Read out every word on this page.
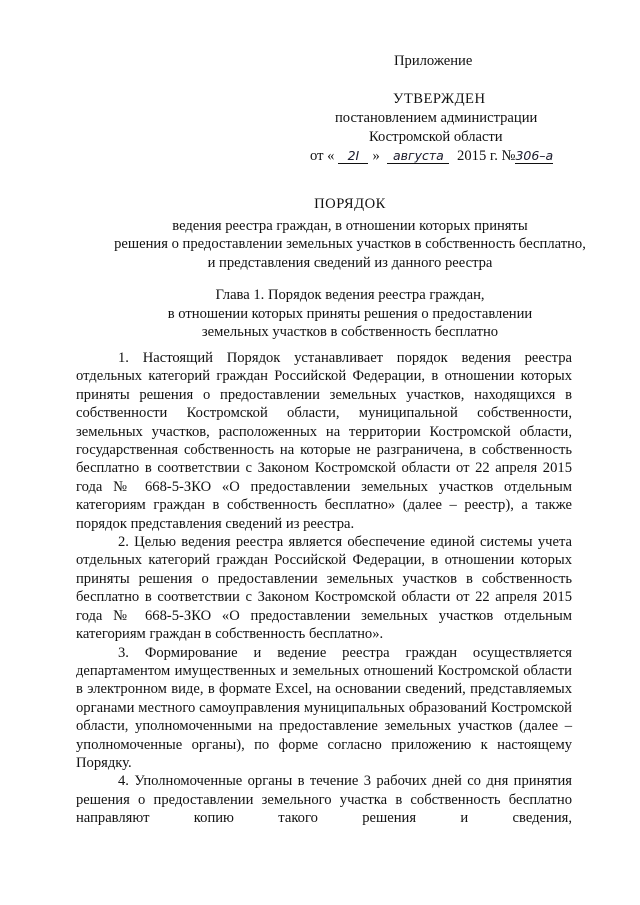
Приложение
УТВЕРЖДЕН
постановлением администрации
Костромской области
от « 2I » августа 2015 г. №306–а
ПОРЯДОК
ведения реестра граждан, в отношении которых приняты
решения о предоставлении земельных участков в собственность бесплатно,
и представления сведений из данного реестра
Глава 1. Порядок ведения реестра граждан,
в отношении которых приняты решения о предоставлении
земельных участков в собственность бесплатно

1. Настоящий Порядок устанавливает порядок ведения реестра отдельных категорий граждан Российской Федерации, в отношении которых приняты решения о предоставлении земельных участков, находящихся в собственности Костромской области, муниципальной собственности, земельных участков, расположенных на территории Костромской области, государственная собственность на которые не разграничена, в собственность бесплатно в соответствии с Законом Костромской области от 22 апреля 2015 года № 668-5-ЗКО «О предоставлении земельных участков отдельным категориям граждан в собственность бесплатно» (далее – реестр), а также порядок представления сведений из реестра.

2. Целью ведения реестра является обеспечение единой системы учета отдельных категорий граждан Российской Федерации, в отношении которых приняты решения о предоставлении земельных участков в собственность бесплатно в соответствии с Законом Костромской области от 22 апреля 2015 года № 668-5-ЗКО «О предоставлении земельных участков отдельным категориям граждан в собственность бесплатно».

3. Формирование и ведение реестра граждан осуществляется департаментом имущественных и земельных отношений Костромской области в электронном виде, в формате Excel, на основании сведений, представляемых органами местного самоуправления муниципальных образований Костромской области, уполномоченными на предоставление земельных участков (далее – уполномоченные органы), по форме согласно приложению к настоящему Порядку.

4. Уполномоченные органы в течение 3 рабочих дней со дня принятия решения о предоставлении земельного участка в собственность бесплатно направляют копию такого решения и сведения,
